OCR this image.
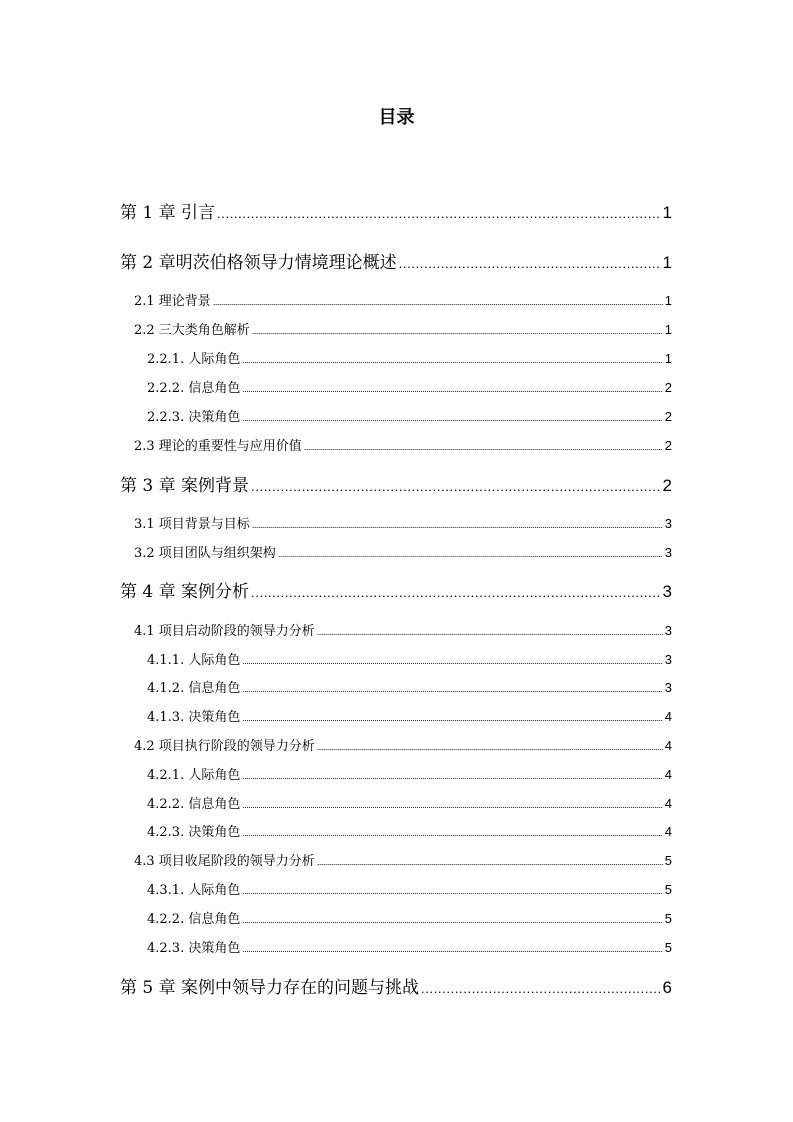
目录
第 1 章 引言 . . .	1
第 2 章明茨伯格领导力情境理论概述 . . .	1
2.1 理论背景 . . .	1
2.2 三大类角色解析 . . .	1
2.2.1. 人际角色 . . .	1
2.2.2. 信息角色 . . .	2
2.2.3. 决策角色 . . .	2
2.3 理论的重要性与应用价值 . . .	2
第 3 章 案例背景 . . .	2
3.1 项目背景与目标 . . .	3
3.2 项目团队与组织架构 . . .	3
第 4 章 案例分析 . . .	3
4.1 项目启动阶段的领导力分析 . . .	3
4.1.1. 人际角色 . . .	3
4.1.2. 信息角色 . . .	3
4.1.3. 决策角色 . . .	4
4.2 项目执行阶段的领导力分析 . . .	4
4.2.1. 人际角色 . . .	4
4.2.2. 信息角色 . . .	4
4.2.3. 决策角色 . . .	4
4.3 项目收尾阶段的领导力分析 . . .	5
4.3.1. 人际角色 . . .	5
4.2.2. 信息角色 . . .	5
4.2.3. 决策角色 . . .	5
第 5 章 案例中领导力存在的问题与挑战 . . .	6
